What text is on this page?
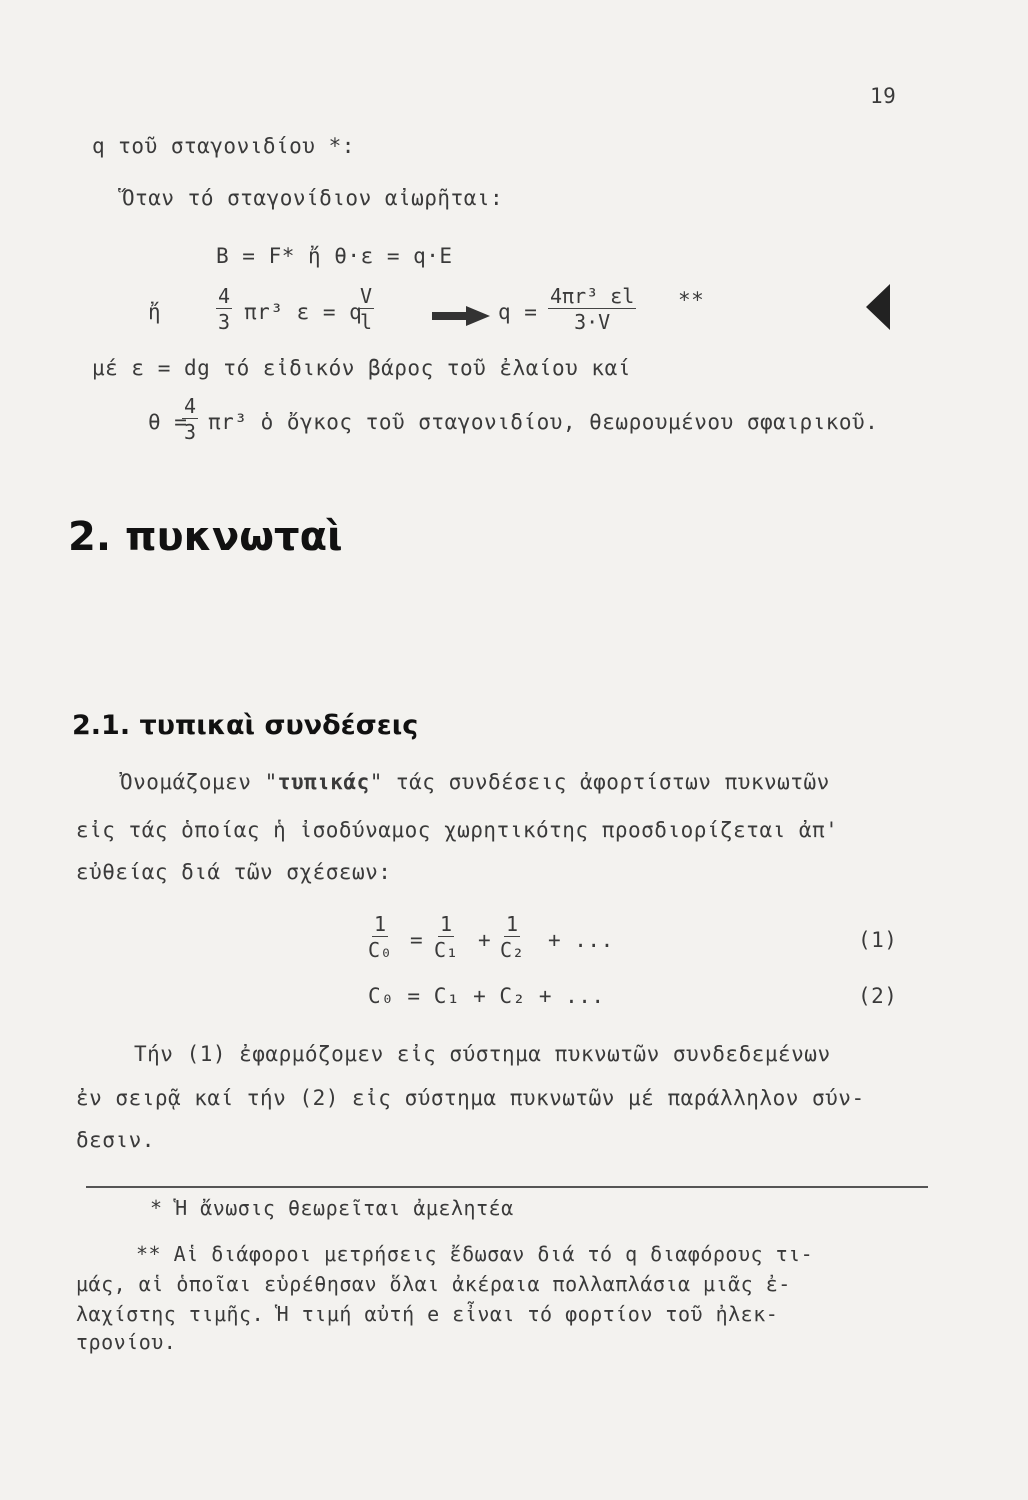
19
q τοῦ σταγονιδίου *:
Ὅταν τό σταγονίδιον αἰωρῆται:
B = F* ἤ θ·ε = q·E
ἤ	$\frac{4}{3} \pi r^3$ ε = q
$\frac{V}{l}$	$q = \frac{\text{4πr³ εl}}{3\cdot V}$ **
μέ ε = dg τό εἰδικόν βάρος τοῦ ἐλαίου καί
θ =
$\frac{4}{3} \pi r^3$ ὁ ὄγκος τοῦ σταγονιδίου, θεωρουμένου σφαιρικοῦ.
2. πυκνωταὶ
2.1. τυπικαὶ συνδέσεις
Ὀνομάζομεν "τυπικάς" τάς συνδέσεις ἀφορτίστων πυκνωτῶν
εἰς τάς ὁποίας ἡ ἰσοδύναμος χωρητικότης προσδιορίζεται ἀπ'
εὐθείας διά τῶν σχέσεων:
$\frac{1}{\text{C₀}} = \frac{1}{\text{C₁}} + \frac{1}{\text{C₂}}$ + ...	(1)
C₀ = C₁ + C₂ + ...	(2)
Τήν (1) ἐφαρμόζομεν εἰς σύστημα πυκνωτῶν συνδεδεμένων
ἐν σειρᾷ καί τήν (2) εἰς σύστημα πυκνωτῶν μέ παράλληλον σύν-
δεσιν.
* Ἡ ἄνωσις θεωρεῖται ἀμελητέα
** Αἱ διάφοροι μετρήσεις ἔδωσαν διά τό q διαφόρους τι-
μάς, αἱ ὁποῖαι εὑρέθησαν ὅλαι ἀκέραια πολλαπλάσια μιᾶς ἐ-
λαχίστης τιμῆς. Ἡ τιμή αὐτή e εἶναι τό φορτίον τοῦ ἠλεκ-
τρονίου.
